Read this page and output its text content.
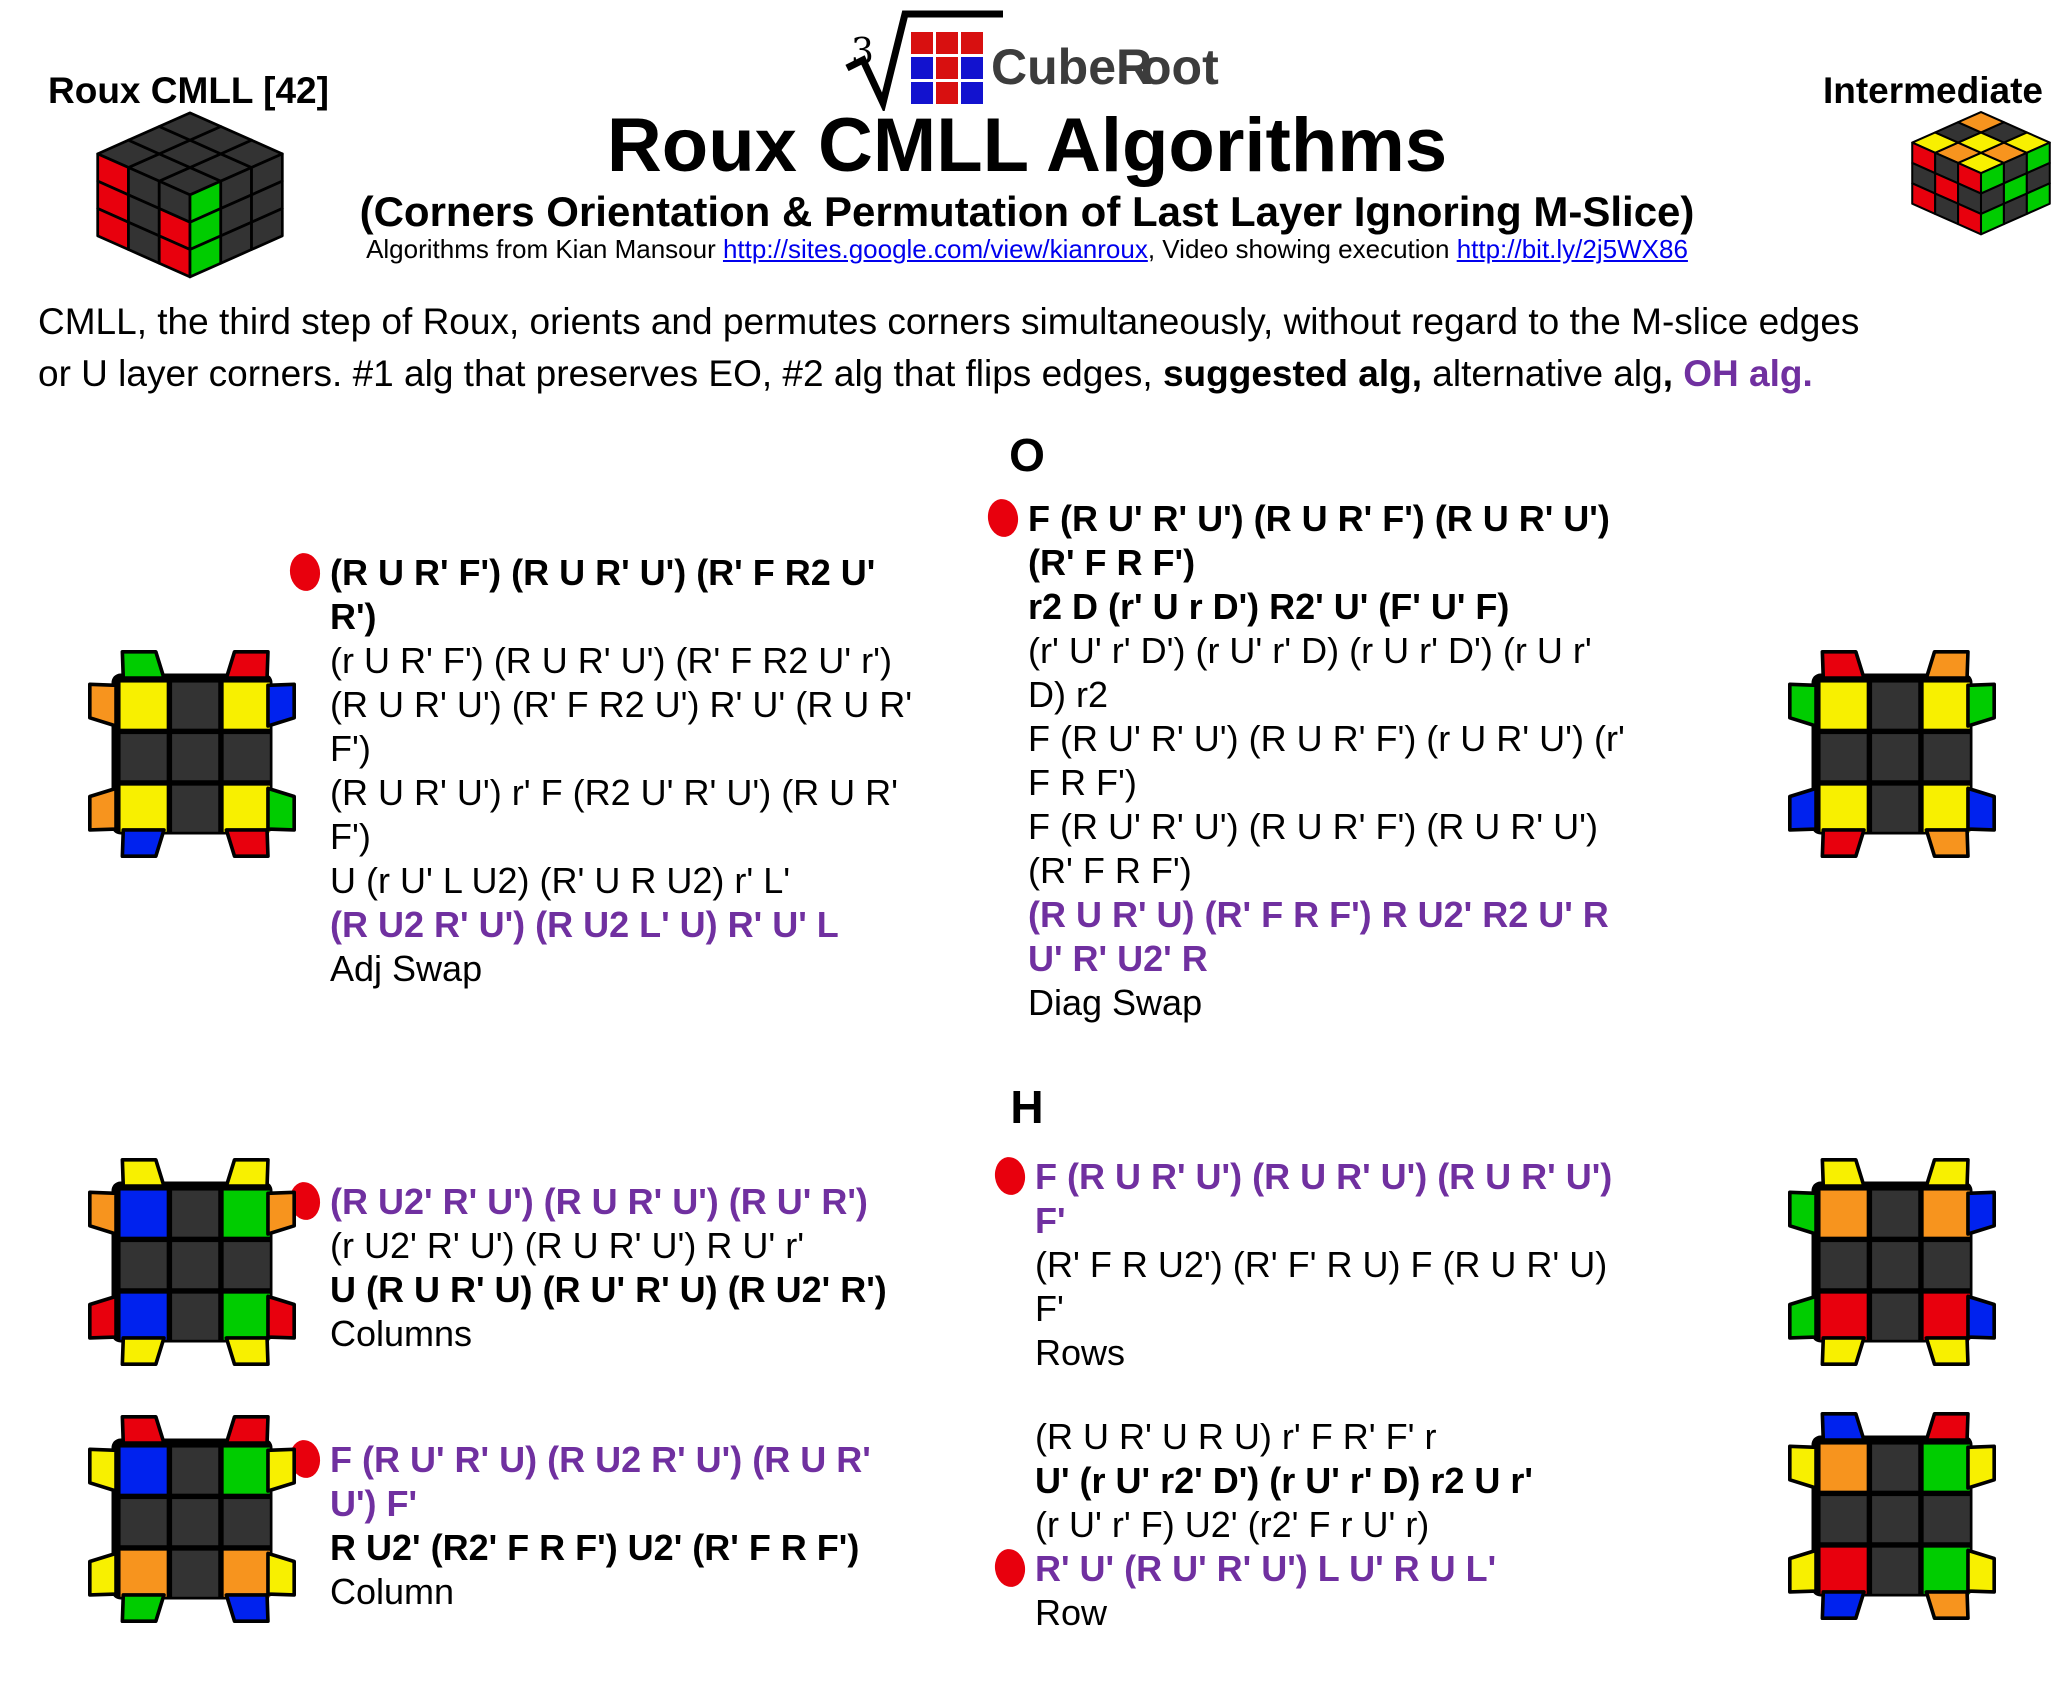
Roux CMLL [42]	Intermediate
3 CubeR
oot
Roux CMLL Algorithms
(Corners Orientation & Permutation of Last Layer Ignoring M-Slice)
Algorithms from Kian Mansour http://sites.google.com/view/kianroux, Video showing execution http://bit.ly/2j5WX86
CMLL, the third step of Roux, orients and permutes corners simultaneously, without regard to the M-slice edges
or U layer corners. #1 alg that preserves EO, #2 alg that flips edges, suggested alg, alternative alg, OH alg.
O
H
(R U R' F') (R U R' U') (R' F R2 U'
R')
(r U R' F') (R U R' U') (R' F R2 U' r')
(R U R' U') (R' F R2 U') R' U' (R U R'
F')
(R U R' U') r' F (R2 U' R' U') (R U R'
F')
U (r U' L U2) (R' U R U2) r' L'
(R U2 R' U') (R U2 L' U) R' U' L
Adj Swap
F (R U' R' U') (R U R' F') (R U R' U')
(R' F R F')
r2 D (r' U r D') R2' U' (F' U' F)
(r' U' r' D') (r U' r' D) (r U r' D') (r U r'
D) r2
F (R U' R' U') (R U R' F') (r U R' U') (r'
F R F')
F (R U' R' U') (R U R' F') (R U R' U')
(R' F R F')
(R U R' U) (R' F R F') R U2' R2 U' R
U' R' U2' R
Diag Swap
(R U2' R' U') (R U R' U') (R U' R')
(r U2' R' U') (R U R' U') R U' r'
U (R U R' U) (R U' R' U) (R U2' R')
Columns
F (R U R' U') (R U R' U') (R U R' U')
F'
(R' F R U2') (R' F' R U) F (R U R' U)
F'
Rows
F (R U' R' U) (R U2 R' U') (R U R'
U') F'
R U2' (R2' F R F') U2' (R' F R F')
Column
(R U R' U R U) r' F R' F' r
U' (r U' r2' D') (r U' r' D) r2 U r'
(r U' r' F) U2' (r2' F r U' r)
R' U' (R U' R' U') L U' R U L'
Row
